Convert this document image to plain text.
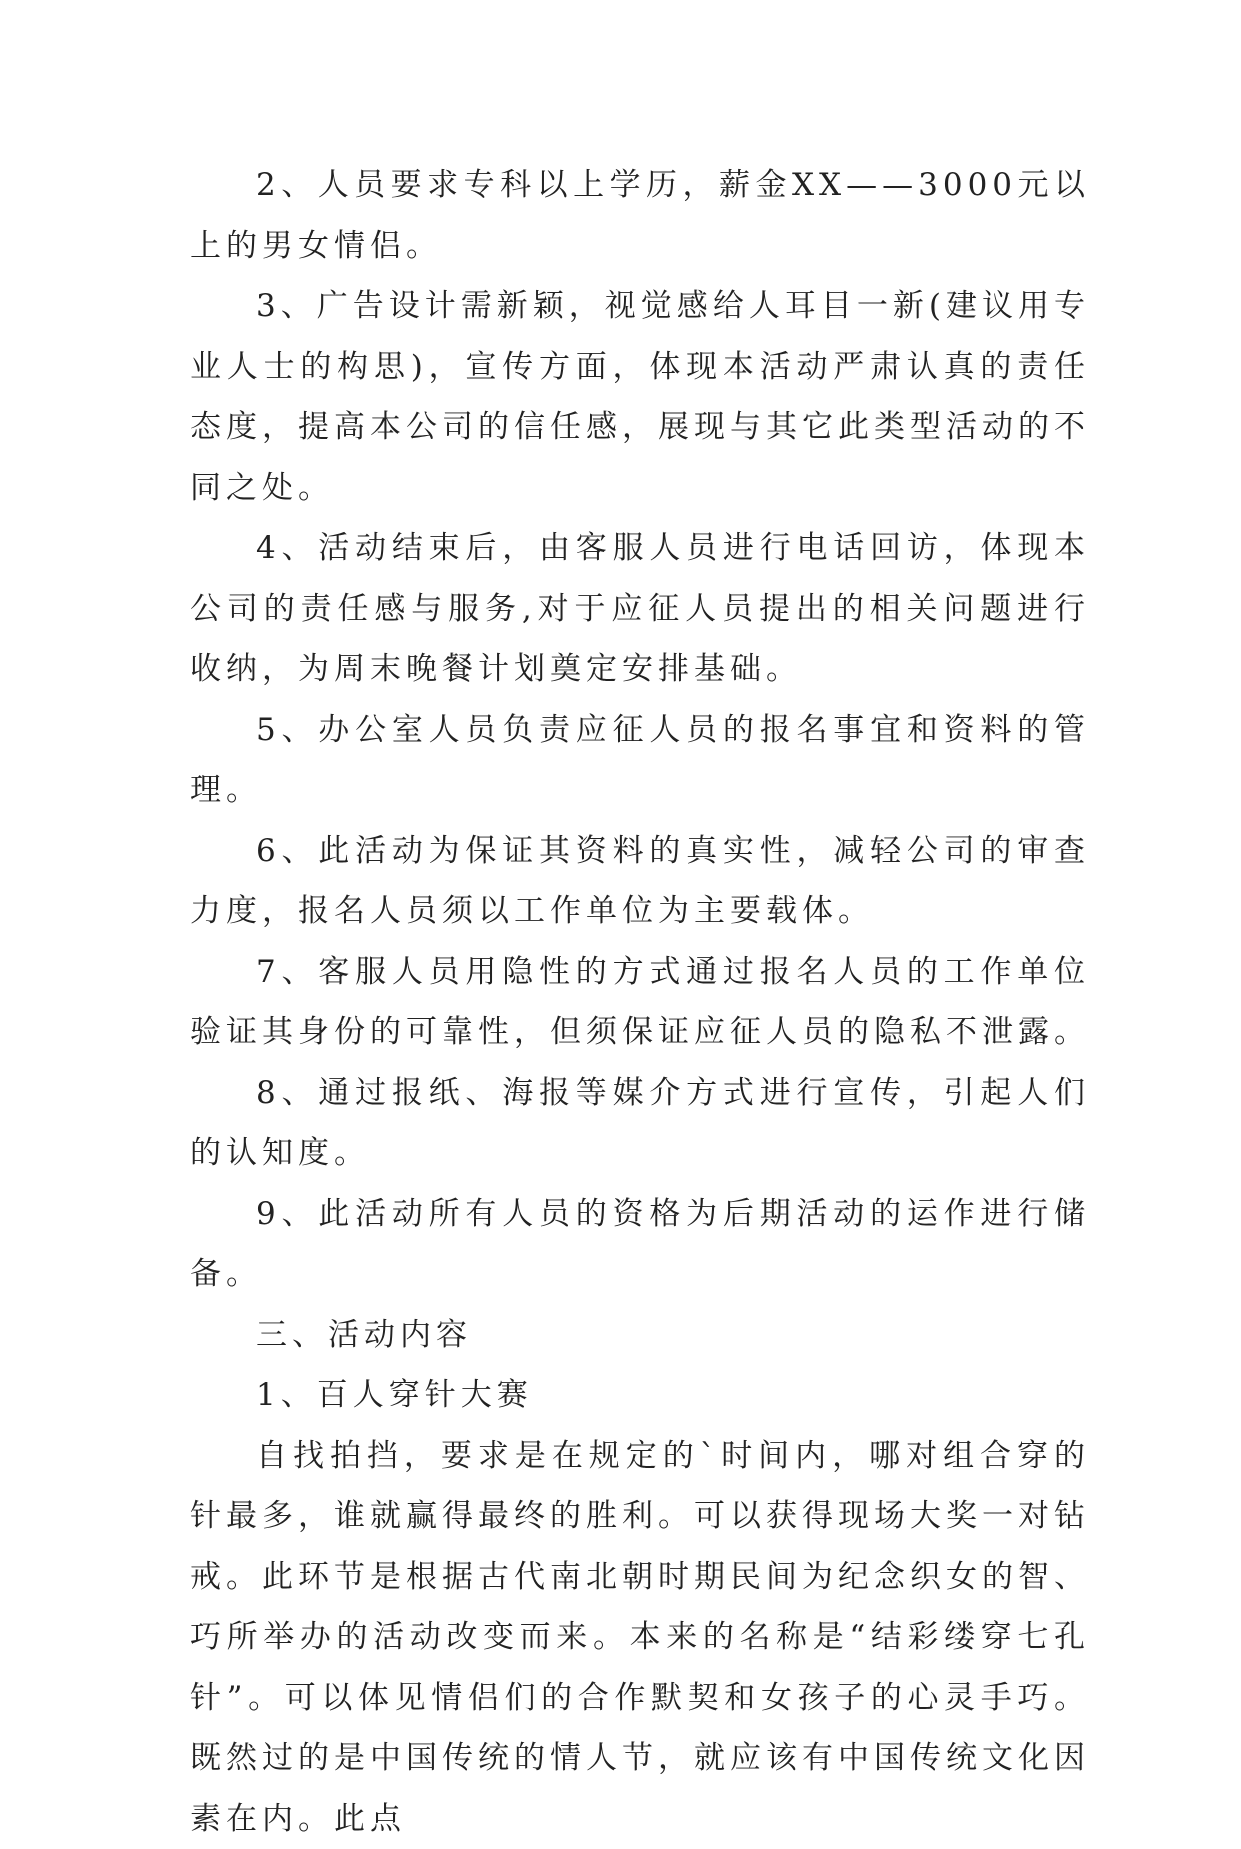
2、人员要求专科以上学历，薪金XX——3000元以上的男女情侣。

3、广告设计需新颖，视觉感给人耳目一新(建议用专业人士的构思)，宣传方面，体现本活动严肃认真的责任态度，提高本公司的信任感，展现与其它此类型活动的不同之处。

4、活动结束后，由客服人员进行电话回访，体现本公司的责任感与服务,对于应征人员提出的相关问题进行收纳，为周末晚餐计划奠定安排基础。

5、办公室人员负责应征人员的报名事宜和资料的管理。

6、此活动为保证其资料的真实性，减轻公司的审查力度，报名人员须以工作单位为主要载体。

7、客服人员用隐性的方式通过报名人员的工作单位验证其身份的可靠性，但须保证应征人员的隐私不泄露。

8、通过报纸、海报等媒介方式进行宣传，引起人们的认知度。

9、此活动所有人员的资格为后期活动的运作进行储备。

三、活动内容

1、百人穿针大赛

自找拍挡，要求是在规定的`时间内，哪对组合穿的针最多，谁就赢得最终的胜利。可以获得现场大奖一对钻戒。此环节是根据古代南北朝时期民间为纪念织女的智、巧所举办的活动改变而来。本来的名称是“结彩缕穿七孔针”。可以体见情侣们的合作默契和女孩子的心灵手巧。既然过的是中国传统的情人节，就应该有中国传统文化因素在内。此点
